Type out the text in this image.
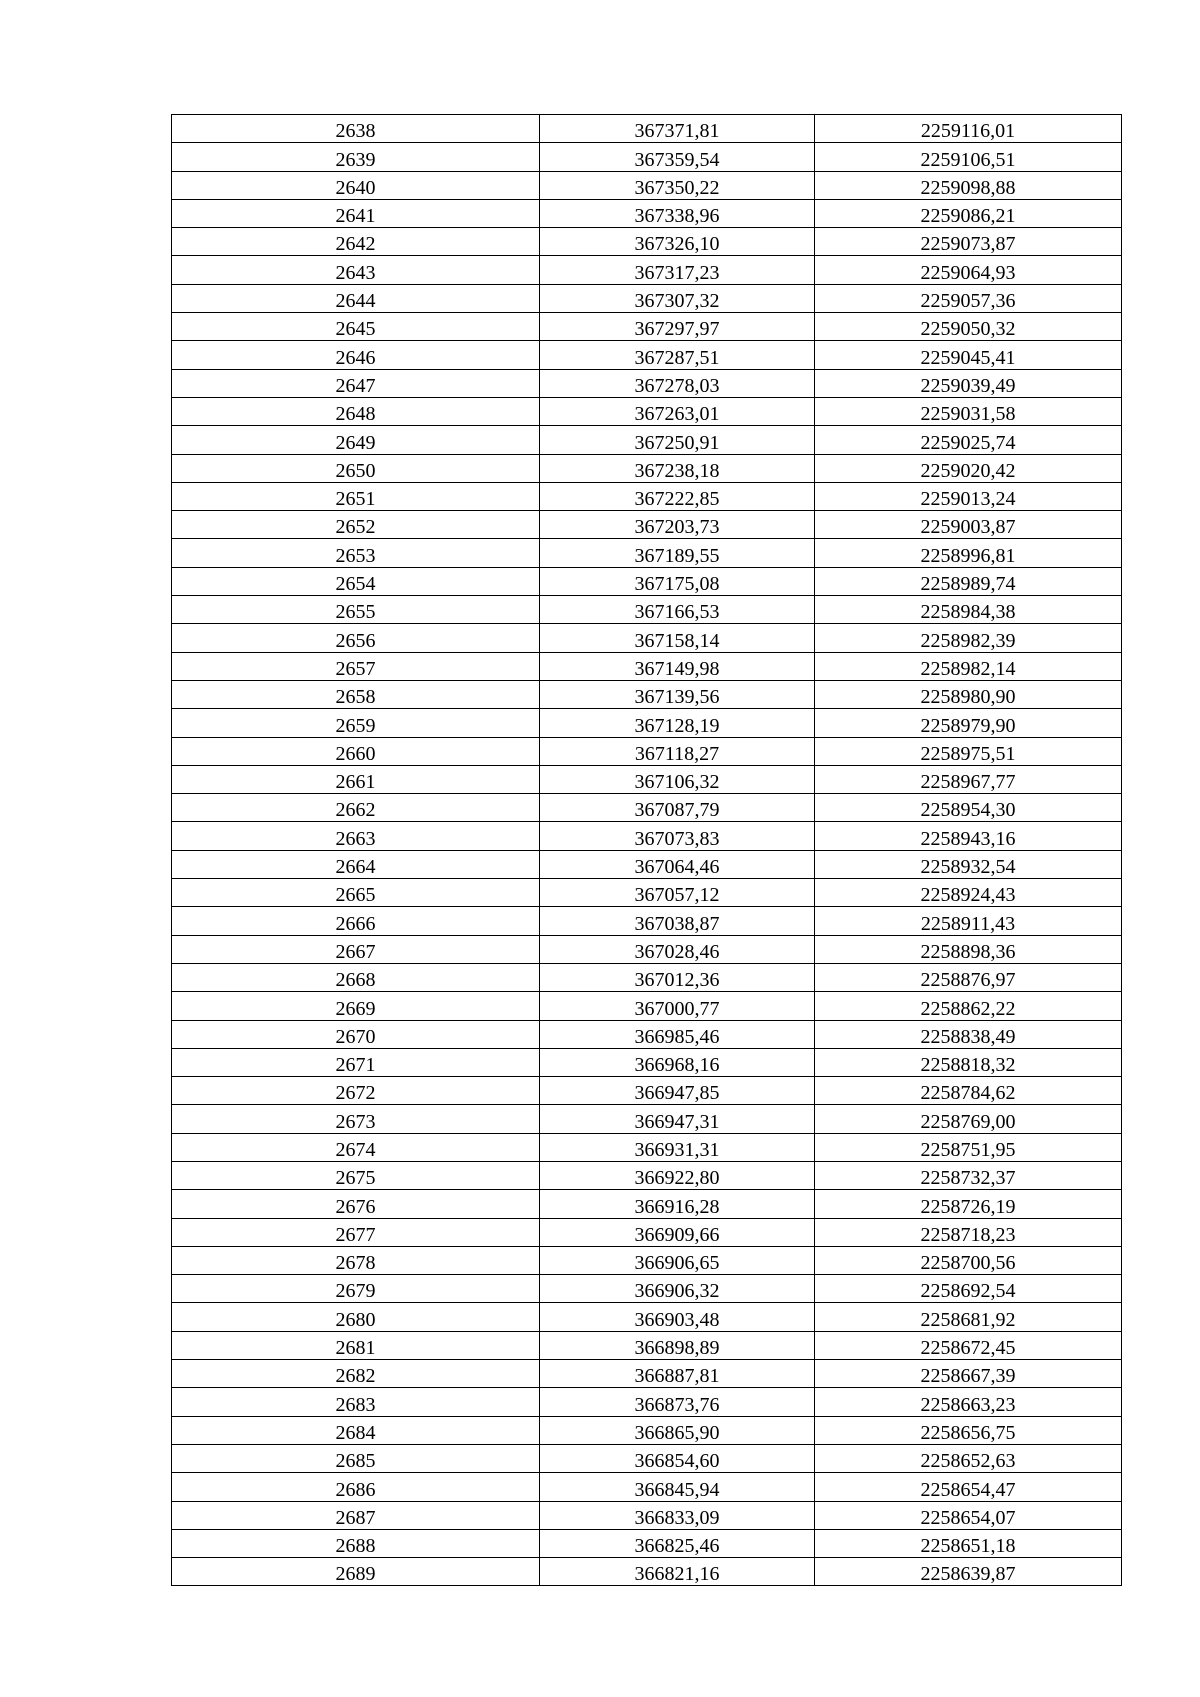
2638	367371,81	2259116,01
2639	367359,54	2259106,51
2640	367350,22	2259098,88
2641	367338,96	2259086,21
2642	367326,10	2259073,87
2643	367317,23	2259064,93
2644	367307,32	2259057,36
2645	367297,97	2259050,32
2646	367287,51	2259045,41
2647	367278,03	2259039,49
2648	367263,01	2259031,58
2649	367250,91	2259025,74
2650	367238,18	2259020,42
2651	367222,85	2259013,24
2652	367203,73	2259003,87
2653	367189,55	2258996,81
2654	367175,08	2258989,74
2655	367166,53	2258984,38
2656	367158,14	2258982,39
2657	367149,98	2258982,14
2658	367139,56	2258980,90
2659	367128,19	2258979,90
2660	367118,27	2258975,51
2661	367106,32	2258967,77
2662	367087,79	2258954,30
2663	367073,83	2258943,16
2664	367064,46	2258932,54
2665	367057,12	2258924,43
2666	367038,87	2258911,43
2667	367028,46	2258898,36
2668	367012,36	2258876,97
2669	367000,77	2258862,22
2670	366985,46	2258838,49
2671	366968,16	2258818,32
2672	366947,85	2258784,62
2673	366947,31	2258769,00
2674	366931,31	2258751,95
2675	366922,80	2258732,37
2676	366916,28	2258726,19
2677	366909,66	2258718,23
2678	366906,65	2258700,56
2679	366906,32	2258692,54
2680	366903,48	2258681,92
2681	366898,89	2258672,45
2682	366887,81	2258667,39
2683	366873,76	2258663,23
2684	366865,90	2258656,75
2685	366854,60	2258652,63
2686	366845,94	2258654,47
2687	366833,09	2258654,07
2688	366825,46	2258651,18
2689	366821,16	2258639,87
